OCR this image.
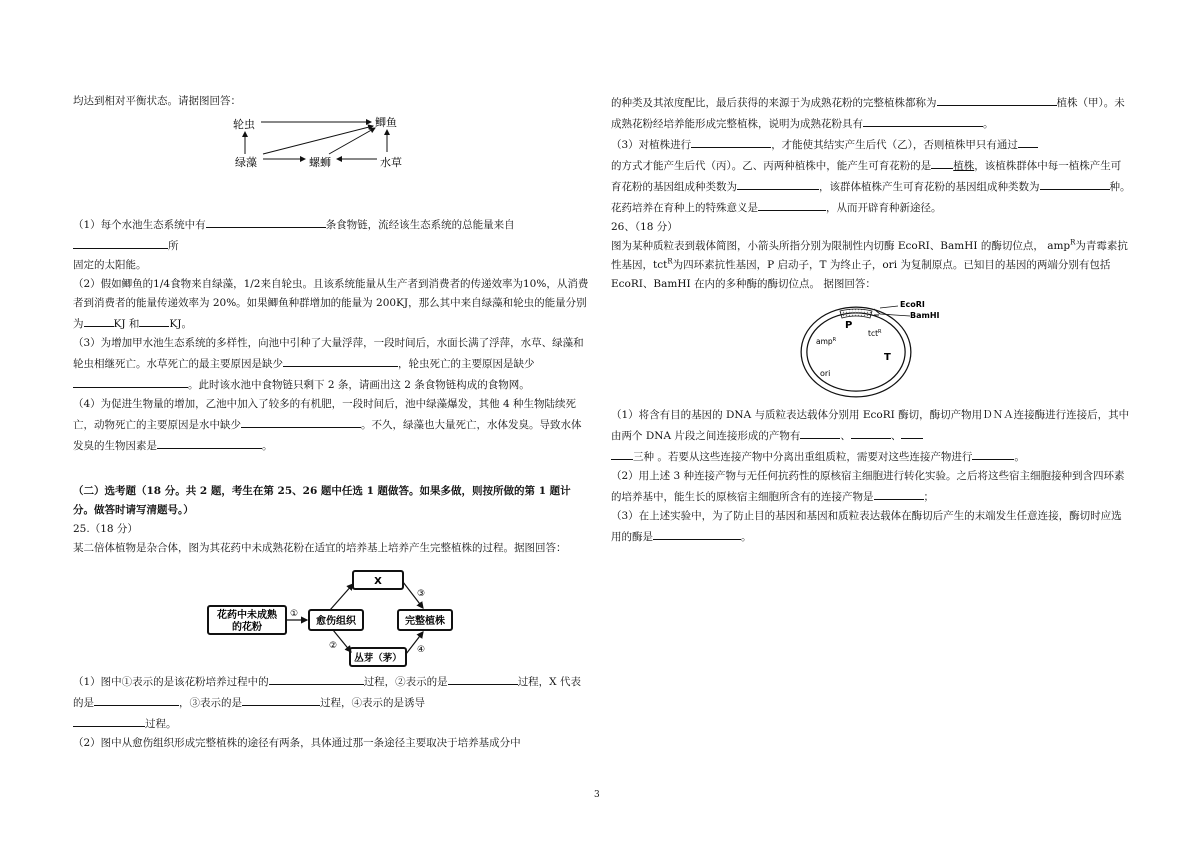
均达到相对平衡状态。请据图回答：

轮虫	鲫鱼
绿藻	螺蛳	水草

（1）每个水池生态系统中有	条食物链，流经该生态系统的总能量来自所
固定的太阳能。

（2）假如鲫鱼的1/4食物来自绿藻，1/2来自轮虫。且该系统能量从生产者到消费者的传递效率为10%，从消费者到消费者的能量传递效率为 20%。如果鲫鱼种群增加的能量为 200KJ，那么其中来自绿藻和轮虫的能量分别为	KJ 和	KJ。

（3）为增加甲水池生态系统的多样性，向池中引种了大量浮萍，一段时间后，水面长满了浮萍，水草、绿藻和轮虫相继死亡。水草死亡的最主要原因是缺少	，轮虫死亡的主要原因是缺少。此时该水池中食物链只剩下 2 条，请画出这 2 条食物链构成的食物网。

（4）为促进生物量的增加，乙池中加入了较多的有机肥，一段时间后，池中绿藻爆发，其他 4 种生物陆续死亡，动物死亡的主要原因是水中缺少	。不久，绿藻也大量死亡，水体发臭。导致水体发臭的生物因素是	。

（二）选考题（18 分。共 2 题，考生在第 25、26 题中任选 1 题做答。如果多做，则按所做的第 1 题计分。做答时请写清题号。）

25.（18 分）

某二倍体植物是杂合体，图为其花药中未成熟花粉在适宜的培养基上培养产生完整植株的过程。据图回答：

花药中未成熟
的花粉
愈伤组织
X
完整植株
丛芽（茅）
①
③
②	④

（1）图中①表示的是该花粉培养过程中的	过程，②表示的是	过程，X 代表的是	，③表示的是	过程，④表示的是诱导
过程。

（2）图中从愈伤组织形成完整植株的途径有两条，具体通过那一条途径主要取决于培养基成分中

的种类及其浓度配比，最后获得的来源于为成熟花粉的完整植株都称为	植株（甲）。未成熟花粉经培养能形成完整植株，说明为成熟花粉具有	。

（3）对植株进行	，才能使其结实产生后代（乙），否则植株甲只有通过
的方式才能产生后代（丙）。乙、丙两种植株中，能产生可育花粉的是 植株，该植株群体中每一植株产生可育花粉的基因组成种类数为	，该群体植株产生可育花粉的基因组成种类数为	种。花药培养在育种上的特殊意义是	，从而开辟育种新途径。

26、（18 分）

图为某种质粒表到载体简图，小箭头所指分别为限制性内切酶 EcoRI、BamHI 的酶切位点， amp$^R$为青霉素抗性基因，tct$^R$为四环素抗性基因，P 启动子，T 为终止子，ori 为复制原点。已知目的基因的两端分别有包括 EcoRI、BamHI 在内的多种酶的酶切位点。 据图回答：

EcoRI
BamHI
P
tct$^R$
amp$^R$
T
ori

（1）将含有目的基因的 DNA 与质粒表达载体分别用 EcoRI 酶切，酶切产物用ＤＮＡ连接酶进行连接后，其中由两个 DNA 片段之间连接形成的产物有	、	、
三种 。若要从这些连接产物中分离出重组质粒，需要对这些连接产物进行	。

（2）用上述 3 种连接产物与无任何抗药性的原核宿主细胞进行转化实验。之后将这些宿主细胞接种到含四环素的培养基中，能生长的原核宿主细胞所含有的连接产物是	；

（3）在上述实验中，为了防止目的基因和基因和质粒表达载体在酶切后产生的末端发生任意连接，酶切时应选用的酶是	。

3
